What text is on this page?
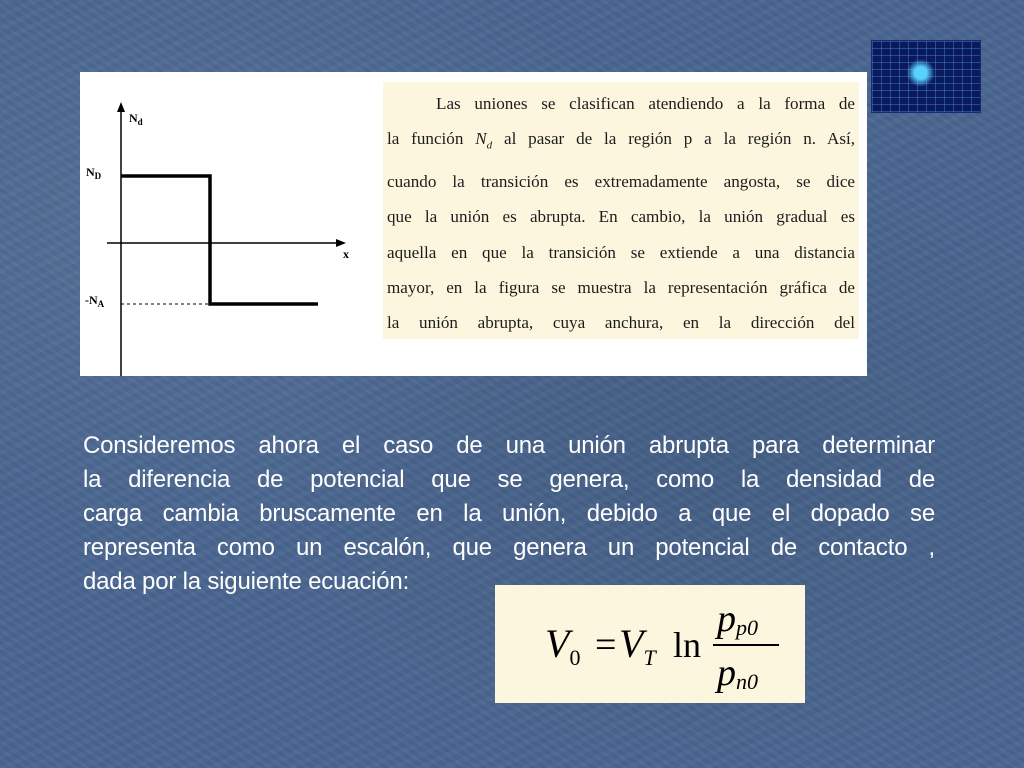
$N_d$
x
$N_D$
$-N_A$
Las uniones se clasifican atendiendo a la forma de
la función $N_d$ al pasar de la región p a la región n. Así,
cuando la transición es extremadamente angosta, se dice
que la unión es abrupta. En cambio, la unión gradual es
aquella en que la transición se extiende a una distancia
mayor, en la figura se muestra la representación gráfica de
la unión abrupta, cuya anchura, en la dirección del
Consideremos ahora el caso de una unión abrupta para determinar
la diferencia de potencial que se genera, como la densidad de
carga cambia bruscamente en la unión, debido a que el dopado se
representa como un escalón, que genera un potencial de contacto ,
dada por la siguiente ecuación:
$V_0 = V_T$ ln
pp0
pn0
